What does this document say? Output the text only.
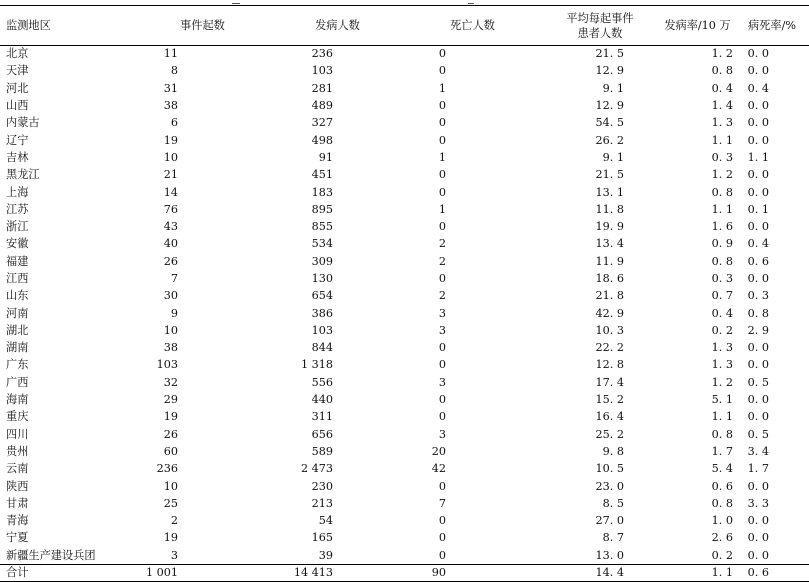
监测地区	事件起数	发病人数	死亡人数	平均每起事件
患者人数	发病率/10 万	病死率/%
北京	11	236	0	21. 5	1. 2	0. 0
天津	8	103	0	12. 9	0. 8	0. 0
河北	31	281	1	9. 1	0. 4	0. 4
山西	38	489	0	12. 9	1. 4	0. 0
内蒙古	6	327	0	54. 5	1. 3	0. 0
辽宁	19	498	0	26. 2	1. 1	0. 0
吉林	10	91	1	9. 1	0. 3	1. 1
黑龙江	21	451	0	21. 5	1. 2	0. 0
上海	14	183	0	13. 1	0. 8	0. 0
江苏	76	895	1	11. 8	1. 1	0. 1
浙江	43	855	0	19. 9	1. 6	0. 0
安徽	40	534	2	13. 4	0. 9	0. 4
福建	26	309	2	11. 9	0. 8	0. 6
江西	7	130	0	18. 6	0. 3	0. 0
山东	30	654	2	21. 8	0. 7	0. 3
河南	9	386	3	42. 9	0. 4	0. 8
湖北	10	103	3	10. 3	0. 2	2. 9
湖南	38	844	0	22. 2	1. 3	0. 0
广东	103	1 318	0	12. 8	1. 3	0. 0
广西	32	556	3	17. 4	1. 2	0. 5
海南	29	440	0	15. 2	5. 1	0. 0
重庆	19	311	0	16. 4	1. 1	0. 0
四川	26	656	3	25. 2	0. 8	0. 5
贵州	60	589	20	9. 8	1. 7	3. 4
云南	236	2 473	42	10. 5	5. 4	1. 7
陕西	10	230	0	23. 0	0. 6	0. 0
甘肃	25	213	7	8. 5	0. 8	3. 3
青海	2	54	0	27. 0	1. 0	0. 0
宁夏	19	165	0	8. 7	2. 6	0. 0
新疆生产建设兵团	3	39	0	13. 0	0. 2	0. 0
合计	1 001	14 413	90	14. 4	1. 1	0. 6
